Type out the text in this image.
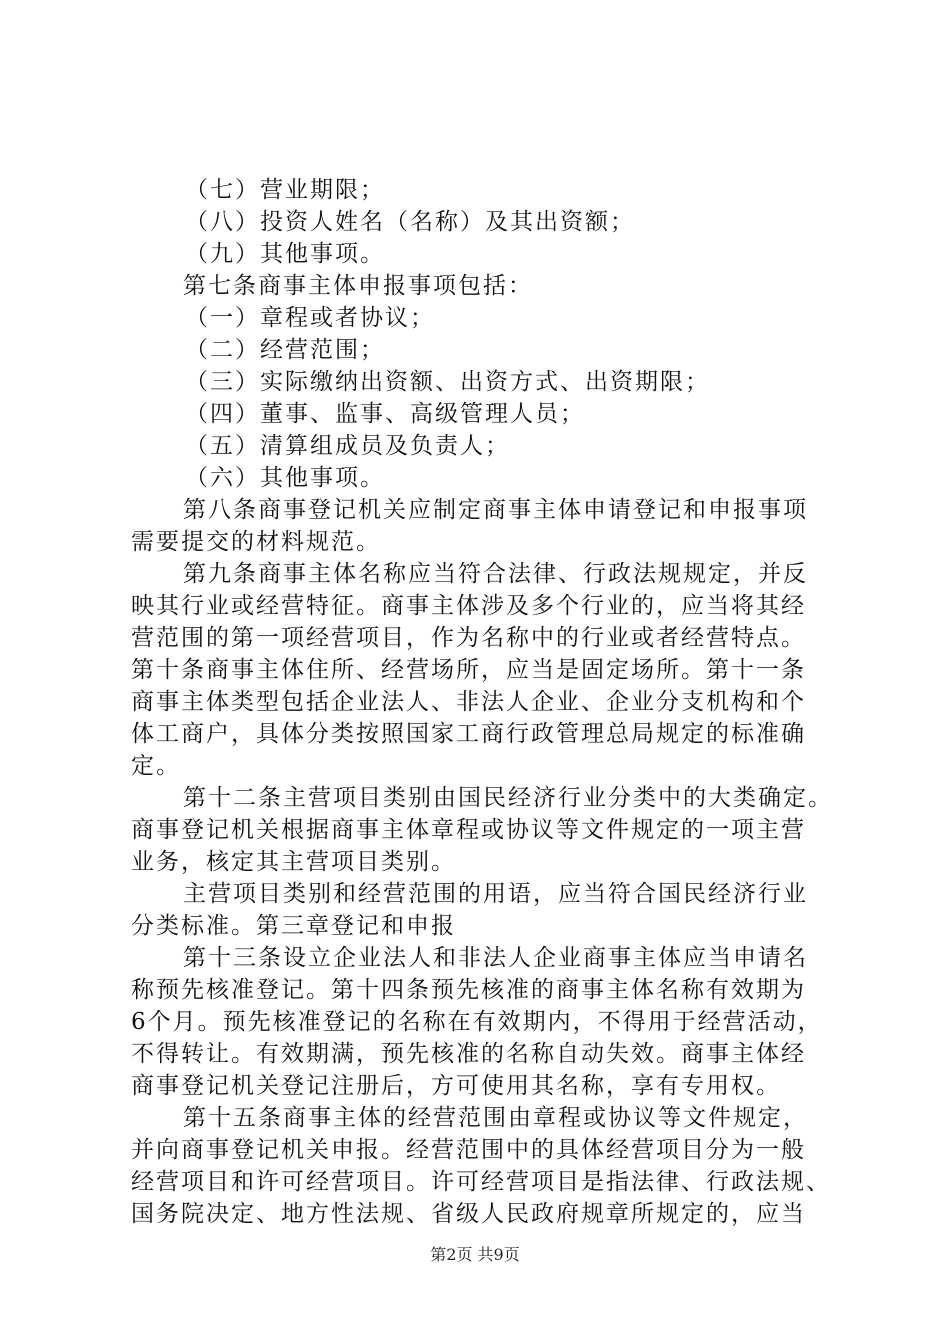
（七）营业期限；
（八）投资人姓名（名称）及其出资额；
（九）其他事项。
第七条商事主体申报事项包括：
（一）章程或者协议；
（二）经营范围；
（三）实际缴纳出资额、出资方式、出资期限；
（四）董事、监事、高级管理人员；
（五）清算组成员及负责人；
（六）其他事项。
第八条商事登记机关应制定商事主体申请登记和申报事项
需要提交的材料规范。
第九条商事主体名称应当符合法律、行政法规规定，并反
映其行业或经营特征。商事主体涉及多个行业的，应当将其经
营范围的第一项经营项目，作为名称中的行业或者经营特点。
第十条商事主体住所、经营场所，应当是固定场所。第十一条
商事主体类型包括企业法人、非法人企业、企业分支机构和个
体工商户，具体分类按照国家工商行政管理总局规定的标准确
定。
第十二条主营项目类别由国民经济行业分类中的大类确定。
商事登记机关根据商事主体章程或协议等文件规定的一项主营
业务，核定其主营项目类别。
主营项目类别和经营范围的用语，应当符合国民经济行业
分类标准。第三章登记和申报
第十三条设立企业法人和非法人企业商事主体应当申请名
称预先核准登记。第十四条预先核准的商事主体名称有效期为
6个月。预先核准登记的名称在有效期内，不得用于经营活动，
不得转让。有效期满，预先核准的名称自动失效。商事主体经
商事登记机关登记注册后，方可使用其名称，享有专用权。
第十五条商事主体的经营范围由章程或协议等文件规定，
并向商事登记机关申报。经营范围中的具体经营项目分为一般
经营项目和许可经营项目。许可经营项目是指法律、行政法规、
国务院决定、地方性法规、省级人民政府规章所规定的，应当
第2页 共9页
